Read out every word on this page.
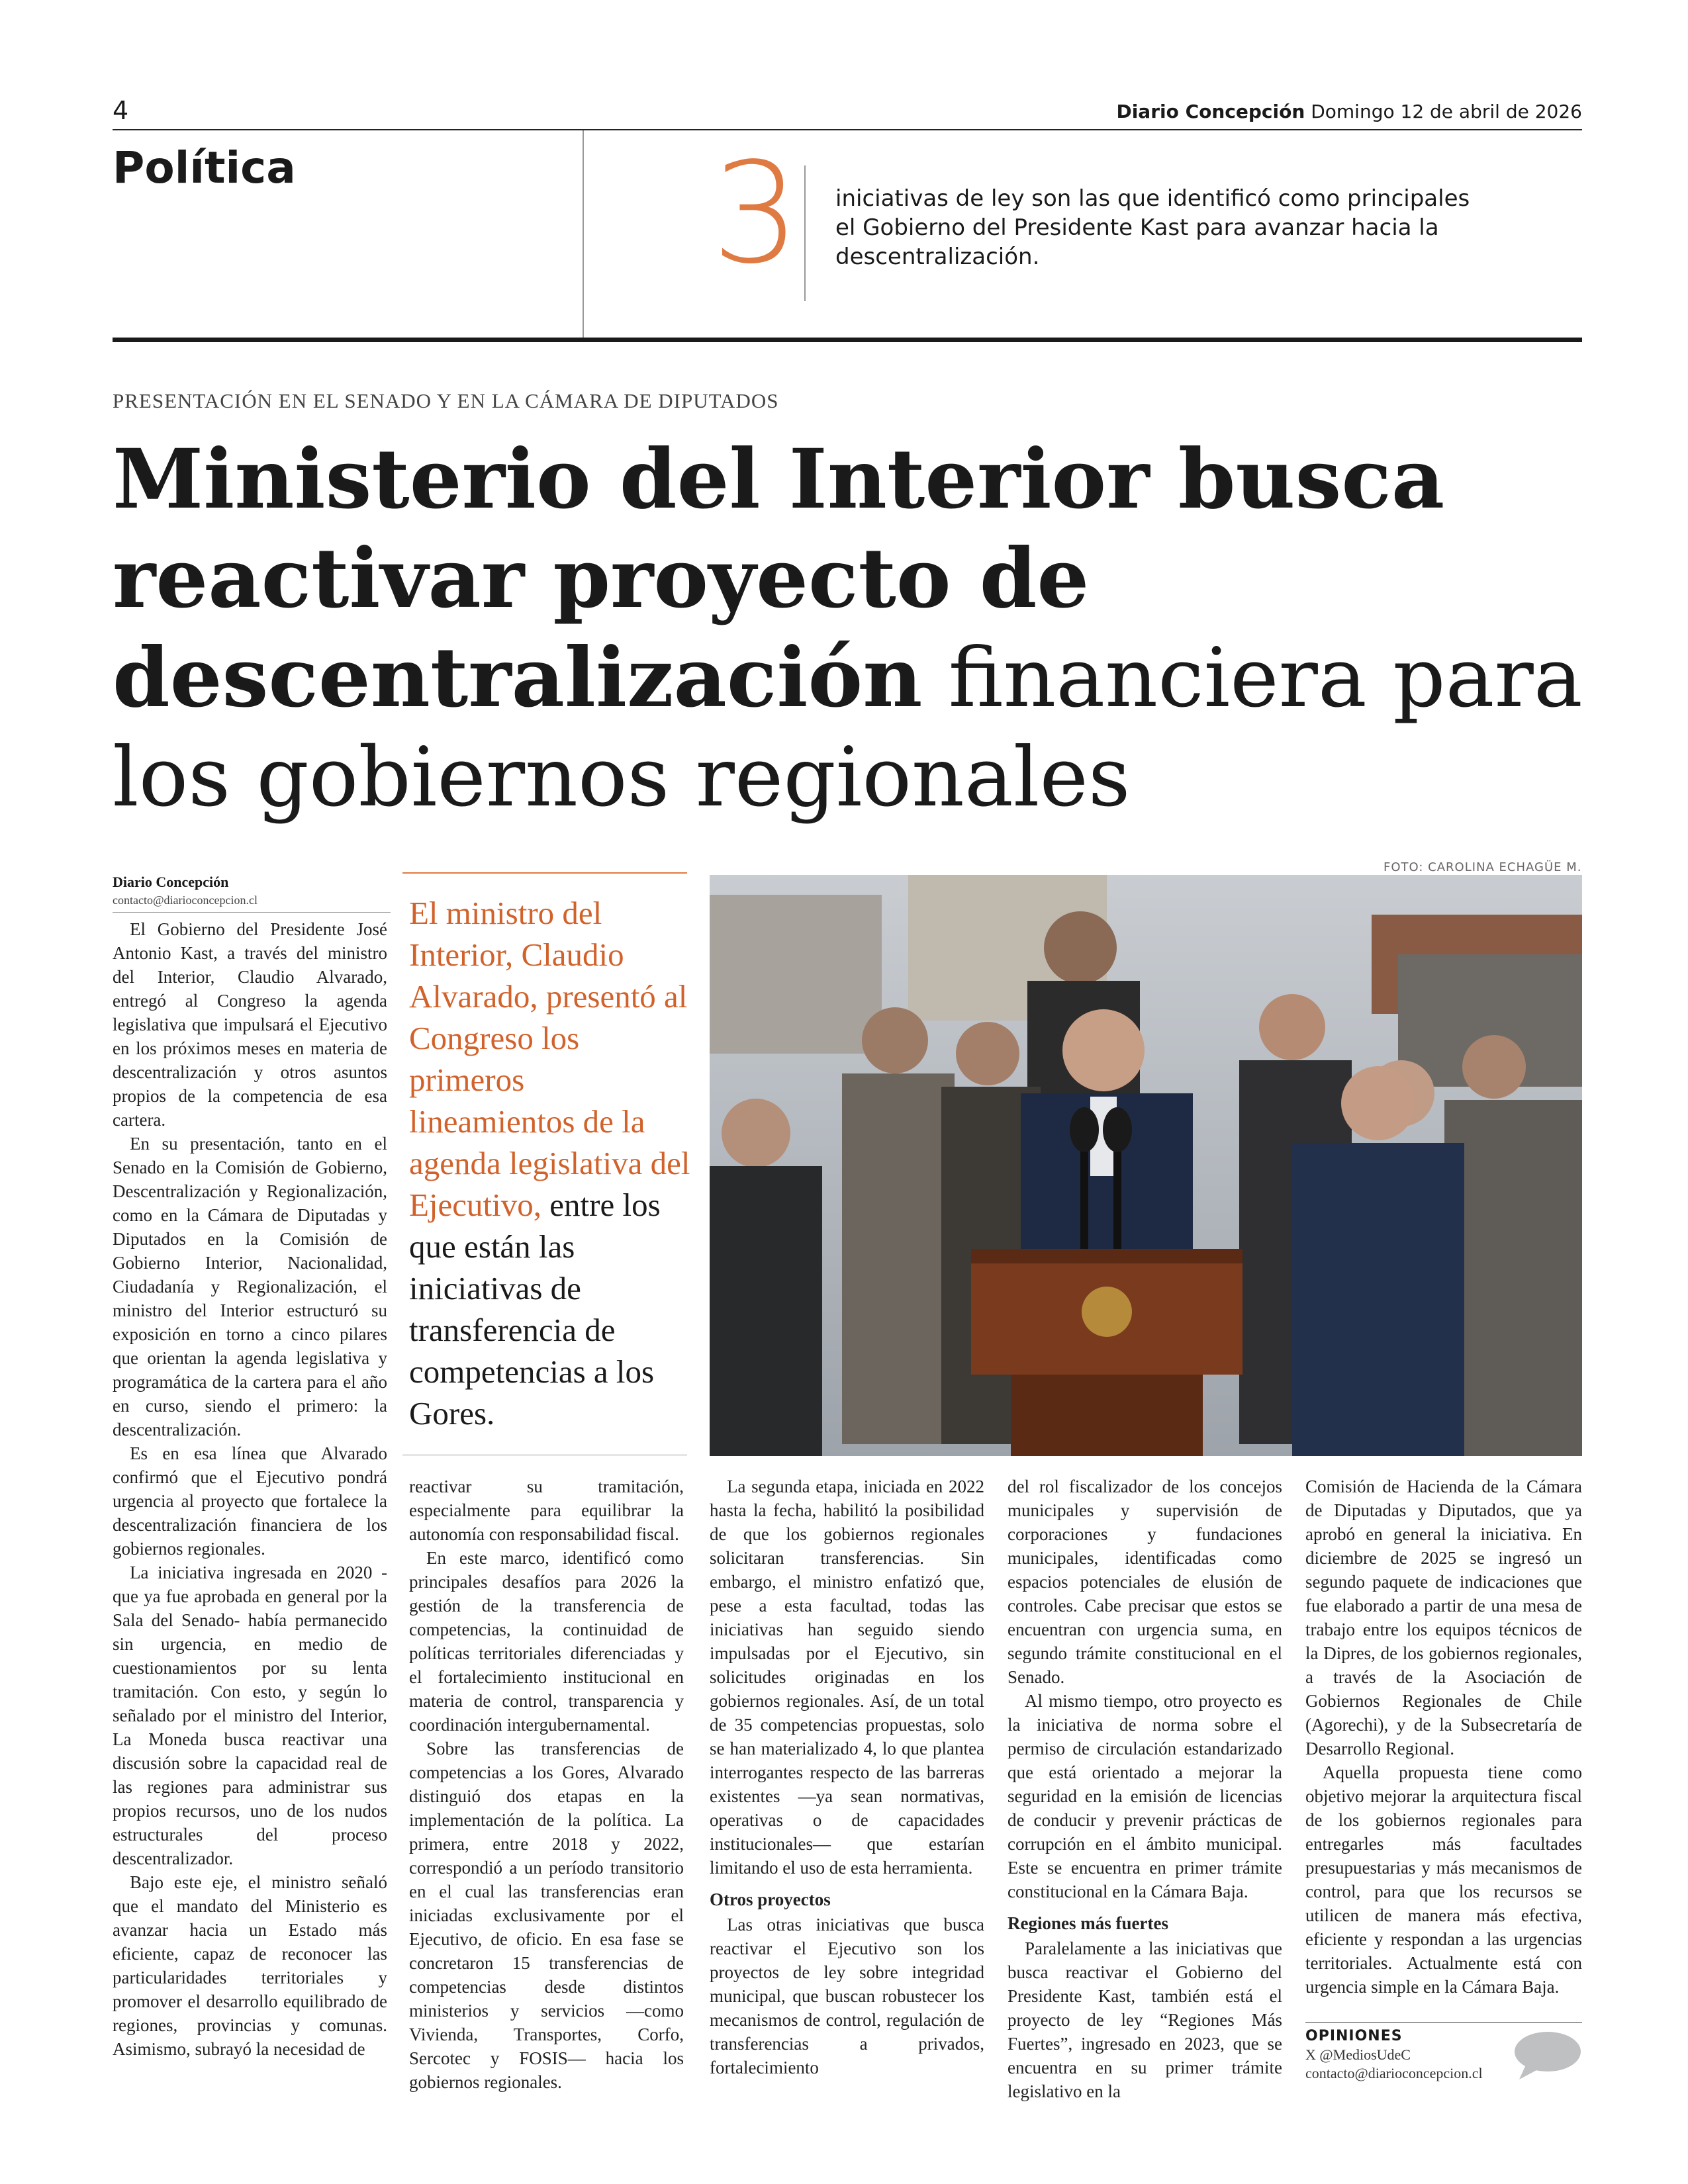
4	Diario Concepción Domingo 12 de abril de 2026
Política	3 iniciativas de ley son las que identificó como principales el Gobierno del Presidente Kast para avanzar hacia la descentralización.
PRESENTACIÓN EN EL SENADO Y EN LA CÁMARA DE DIPUTADOS
Ministerio del Interior busca reactivar proyecto de descentralización financiera para los gobiernos regionales
Diario Concepción
contacto@diarioconcepcion.cl

El Gobierno del Presidente José Antonio Kast, a través del ministro del Interior, Claudio Alvarado, entregó al Congreso la agenda legislativa que impulsará el Ejecutivo en los próximos meses en materia de descentralización y otros asuntos propios de la competencia de esa cartera.

En su presentación, tanto en el Senado en la Comisión de Gobierno, Descentralización y Regionalización, como en la Cámara de Diputadas y Diputados en la Comisión de Gobierno Interior, Nacionalidad, Ciudadanía y Regionalización, el ministro del Interior estructuró su exposición en torno a cinco pilares que orientan la agenda legislativa y programática de la cartera para el año en curso, siendo el primero: la descentralización.

Es en esa línea que Alvarado confirmó que el Ejecutivo pondrá urgencia al proyecto que fortalece la descentralización financiera de los gobiernos regionales.

La iniciativa ingresada en 2020 -que ya fue aprobada en general por la Sala del Senado- había permanecido sin urgencia, en medio de cuestionamientos por su lenta tramitación. Con esto, y según lo señalado por el ministro del Interior, La Moneda busca reactivar una discusión sobre la capacidad real de las regiones para administrar sus propios recursos, uno de los nudos estructurales del proceso descentralizador.

Bajo este eje, el ministro señaló que el mandato del Ministerio es avanzar hacia un Estado más eficiente, capaz de reconocer las particularidades territoriales y promover el desarrollo equilibrado de regiones, provincias y comunas. Asimismo, subrayó la necesidad de

El ministro del Interior, Claudio Alvarado, presentó al Congreso los primeros lineamientos de la agenda legislativa del Ejecutivo, entre los que están las iniciativas de transferencia de competencias a los Gores.
FOTO: CAROLINA ECHAGÜE M.

reactivar su tramitación, especialmente para equilibrar la autonomía con responsabilidad fiscal.

En este marco, identificó como principales desafíos para 2026 la gestión de la transferencia de competencias, la continuidad de políticas territoriales diferenciadas y el fortalecimiento institucional en materia de control, transparencia y coordinación intergubernamental.

Sobre las transferencias de competencias a los Gores, Alvarado distinguió dos etapas en la implementación de la política. La primera, entre 2018 y 2022, correspondió a un período transitorio en el cual las transferencias eran iniciadas exclusivamente por el Ejecutivo, de oficio. En esa fase se concretaron 15 transferencias de competencias desde distintos ministerios y servicios —como Vivienda, Transportes, Corfo, Sercotec y FOSIS— hacia los gobiernos regionales.

La segunda etapa, iniciada en 2022 hasta la fecha, habilitó la posibilidad de que los gobiernos regionales solicitaran transferencias. Sin embargo, el ministro enfatizó que, pese a esta facultad, todas las iniciativas han seguido siendo impulsadas por el Ejecutivo, sin solicitudes originadas en los gobiernos regionales. Así, de un total de 35 competencias propuestas, solo se han materializado 4, lo que plantea interrogantes respecto de las barreras existentes —ya sean normativas, operativas o de capacidades institucionales— que estarían limitando el uso de esta herramienta.

Otros proyectos

Las otras iniciativas que busca reactivar el Ejecutivo son los proyectos de ley sobre integridad municipal, que buscan robustecer los mecanismos de control, regulación de transferencias a privados, fortalecimiento

del rol fiscalizador de los concejos municipales y supervisión de corporaciones y fundaciones municipales, identificadas como espacios potenciales de elusión de controles. Cabe precisar que estos se encuentran con urgencia suma, en segundo trámite constitucional en el Senado.

Al mismo tiempo, otro proyecto es la iniciativa de norma sobre el permiso de circulación estandarizado que está orientado a mejorar la seguridad en la emisión de licencias de conducir y prevenir prácticas de corrupción en el ámbito municipal. Este se encuentra en primer trámite constitucional en la Cámara Baja.

Regiones más fuertes

Paralelamente a las iniciativas que busca reactivar el Gobierno del Presidente Kast, también está el proyecto de ley “Regiones Más Fuertes”, ingresado en 2023, que se encuentra en su primer trámite legislativo en la

Comisión de Hacienda de la Cámara de Diputadas y Diputados, que ya aprobó en general la iniciativa. En diciembre de 2025 se ingresó un segundo paquete de indicaciones que fue elaborado a partir de una mesa de trabajo entre los equipos técnicos de la Dipres, de los gobiernos regionales, a través de la Asociación de Gobiernos Regionales de Chile (Agorechi), y de la Subsecretaría de Desarrollo Regional.

Aquella propuesta tiene como objetivo mejorar la arquitectura fiscal de los gobiernos regionales para entregarles más facultades presupuestarias y más mecanismos de control, para que los recursos se utilicen de manera más efectiva, eficiente y respondan a las urgencias territoriales. Actualmente está con urgencia simple en la Cámara Baja.

OPINIONES
X @MediosUdeC
contacto@diarioconcepcion.cl
